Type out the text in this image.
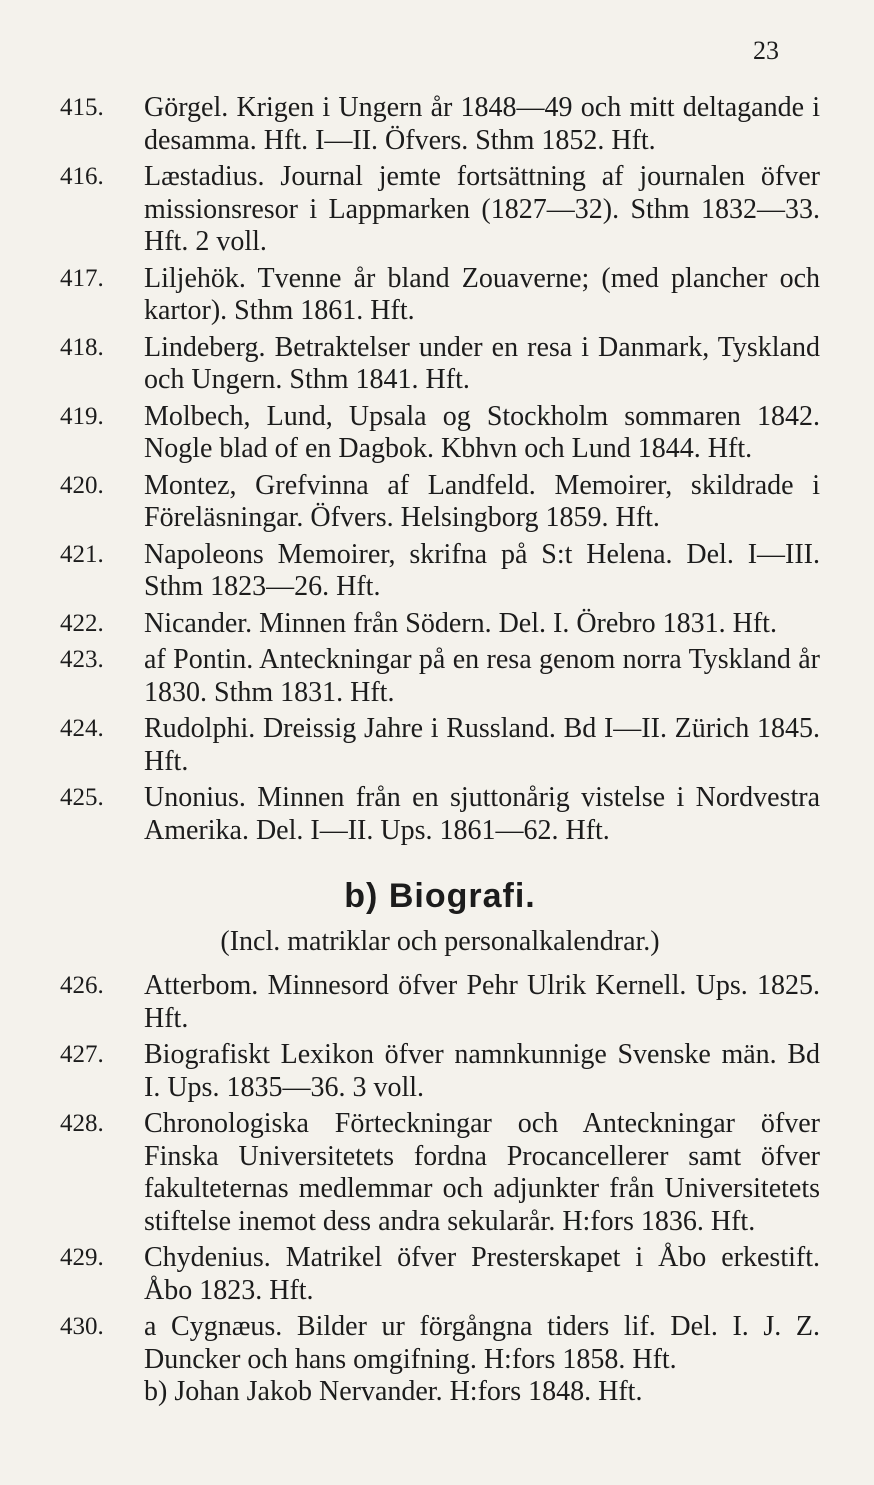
23
415.	Görgel. Krigen i Ungern år 1848—49 och mitt deltagande i desamma. Hft. I—II. Öfvers. Sthm 1852. Hft.
416.	Læstadius. Journal jemte fortsättning af journalen öfver missionsresor i Lappmarken (1827—32). Sthm 1832—33. Hft. 2 voll.
417.	Liljehök. Tvenne år bland Zouaverne; (med plancher och kartor). Sthm 1861. Hft.
418.	Lindeberg. Betraktelser under en resa i Danmark, Tyskland och Ungern. Sthm 1841. Hft.
419.	Molbech, Lund, Upsala og Stockholm sommaren 1842. Nogle blad of en Dagbok. Kbhvn och Lund 1844. Hft.
420.	Montez, Grefvinna af Landfeld. Memoirer, skildrade i Föreläsningar. Öfvers. Helsingborg 1859. Hft.
421.	Napoleons Memoirer, skrifna på S:t Helena. Del. I—III. Sthm 1823—26. Hft.
422.	Nicander. Minnen från Södern. Del. I. Örebro 1831. Hft.
423.	af Pontin. Anteckningar på en resa genom norra Tyskland år 1830. Sthm 1831. Hft.
424.	Rudolphi. Dreissig Jahre i Russland. Bd I—II. Zürich 1845. Hft.
425.	Unonius. Minnen från en sjuttonårig vistelse i Nordvestra Amerika. Del. I—II. Ups. 1861—62. Hft.
b) Biografi.
(Incl. matriklar och personalkalendrar.)
426.	Atterbom. Minnesord öfver Pehr Ulrik Kernell. Ups. 1825. Hft.
427.	Biografiskt Lexikon öfver namnkunnige Svenske män. Bd I. Ups. 1835—36. 3 voll.
428.	Chronologiska Förteckningar och Anteckningar öfver Finska Universitetets fordna Procancellerer samt öfver fakulteternas medlemmar och adjunkter från Universitetets stiftelse inemot dess andra sekularår. H:fors 1836. Hft.
429.	Chydenius. Matrikel öfver Presterskapet i Åbo erkestift. Åbo 1823. Hft.
430.	a Cygnæus. Bilder ur förgångna tiders lif. Del. I. J. Z. Duncker och hans omgifning. H:fors 1858. Hft.
b) Johan Jakob Nervander. H:fors 1848. Hft.
